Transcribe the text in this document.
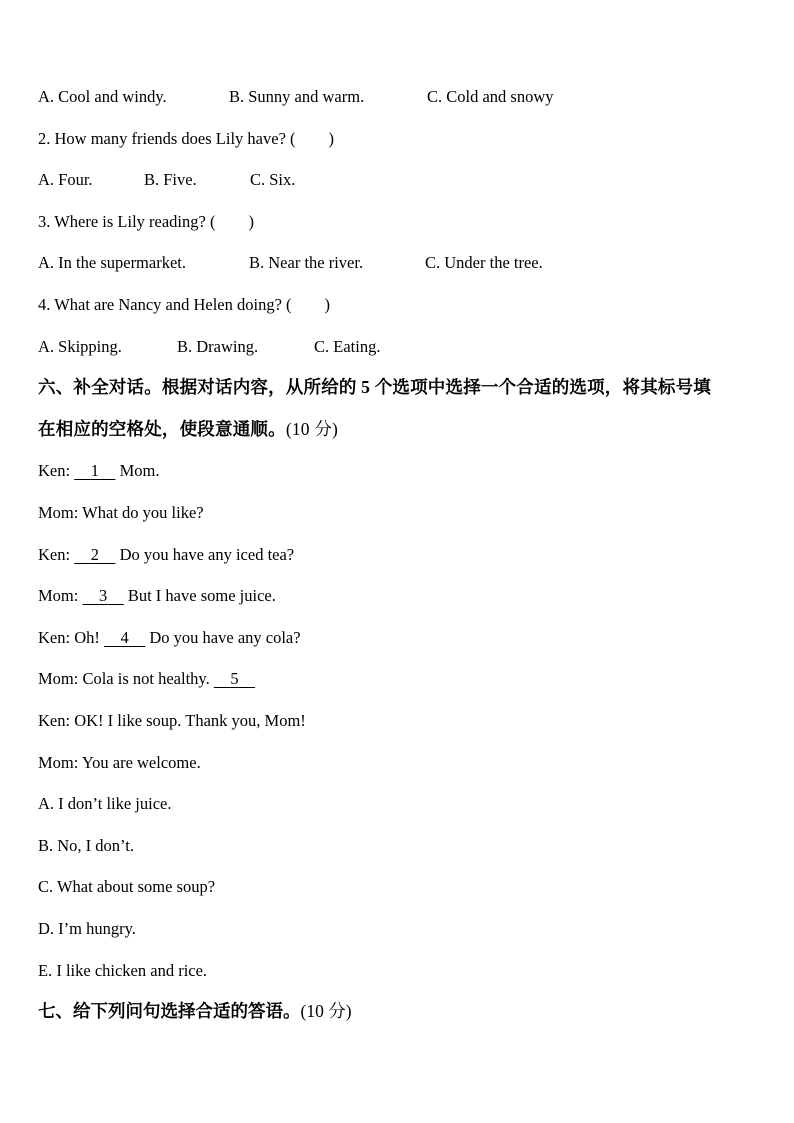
A. Cool and windy.	B. Sunny and warm.	C. Cold and snowy
2. How many friends does Lily have? (  )
A. Four.	B. Five.	C. Six.
3. Where is Lily reading? (  )
A. In the supermarket.	B. Near the river.	C. Under the tree.
4. What are Nancy and Helen doing? (  )
A. Skipping.	B. Drawing.	C. Eating.
六、补全对话。根据对话内容，从所给的 5 个选项中选择一个合适的选项，将其标号填
在相应的空格处，使段意通顺。(10 分)
Ken: 1 Mom.
Mom: What do you like?
Ken: 2 Do you have any iced tea?
Mom: 3 But I have some juice.
Ken: Oh! 4 Do you have any cola?
Mom: Cola is not healthy. 5
Ken: OK! I like soup. Thank you, Mom!
Mom: You are welcome.
A. I don’t like juice.
B. No, I don’t.
C. What about some soup?
D. I’m hungry.
E. I like chicken and rice.
七、给下列问句选择合适的答语。(10 分)
